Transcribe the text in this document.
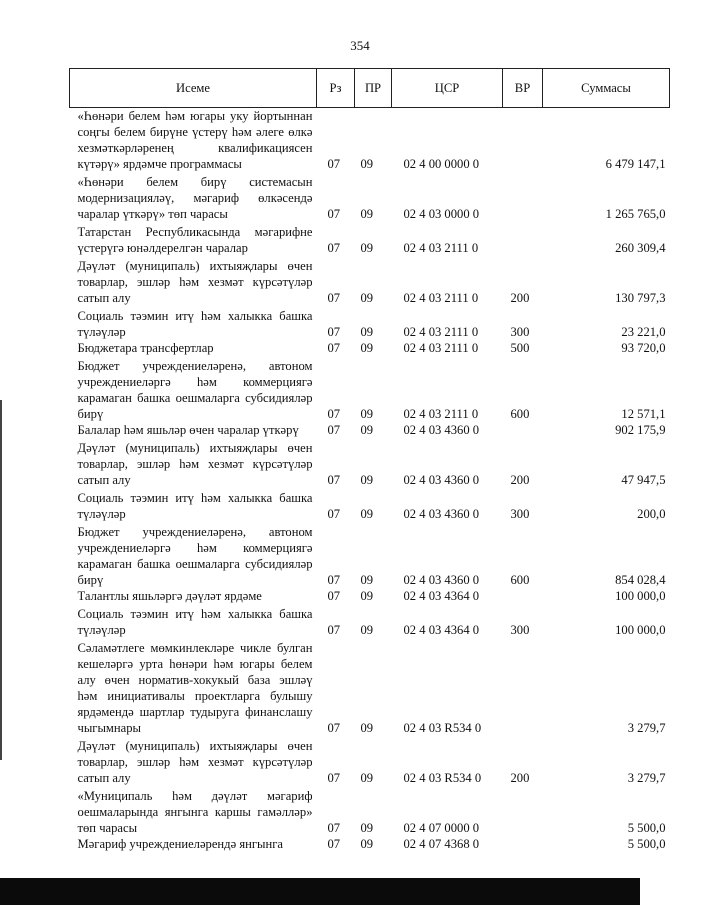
354
Исеме	Рз	ПР	ЦСР	ВР	Суммасы
«Һөнәри белем һәм югары уку йортыннан соңгы белем бирүне үстерү һәм әлеге өлкә хезмәткәрләренең квалификациясен күтәрү» ярдәмче программасы	07	09	02 4 00 0000 0		6 479 147,1
«Һөнәри белем бирү системасын модернизацияләү, мәгариф өлкәсендә чаралар үткәрү» төп чарасы	07	09	02 4 03 0000 0		1 265 765,0
Татарстан Республикасында мәгарифне үстерүгә юнәлдерелгән чаралар	07	09	02 4 03 2111 0		260 309,4
Дәүләт (муниципаль) ихтыяҗлары өчен товарлар, эшләр һәм хезмәт күрсәтүләр сатып алу	07	09	02 4 03 2111 0	200	130 797,3
Социаль тәэмин итү һәм халыкка башка түләүләр	07	09	02 4 03 2111 0	300	23 221,0
Бюджетара трансфертлар	07	09	02 4 03 2111 0	500	93 720,0
Бюджет учреждениеләренә, автоном учреждениеләргә һәм коммерциягә карамаган башка оешмаларга субсидияләр бирү	07	09	02 4 03 2111 0	600	12 571,1
Балалар һәм яшьләр өчен чаралар үткәрү	07	09	02 4 03 4360 0		902 175,9
Дәүләт (муниципаль) ихтыяҗлары өчен товарлар, эшләр һәм хезмәт күрсәтүләр сатып алу	07	09	02 4 03 4360 0	200	47 947,5
Социаль тәэмин итү һәм халыкка башка түләүләр	07	09	02 4 03 4360 0	300	200,0
Бюджет учреждениеләренә, автоном учреждениеләргә һәм коммерциягә карамаган башка оешмаларга субсидияләр бирү	07	09	02 4 03 4360 0	600	854 028,4
Талантлы яшьләргә дәүләт ярдәме	07	09	02 4 03 4364 0		100 000,0
Социаль тәэмин итү һәм халыкка башка түләүләр	07	09	02 4 03 4364 0	300	100 000,0
Сәламәтлеге мөмкинлекләре чикле булган кешеләргә урта һөнәри һәм югары белем алу өчен норматив-хокукый база эшләү һәм инициативалы проектларга булышу ярдәмендә шартлар тудыруга финанслашу чыгымнары	07	09	02 4 03 R534 0		3 279,7
Дәүләт (муниципаль) ихтыяҗлары өчен товарлар, эшләр һәм хезмәт күрсәтүләр сатып алу	07	09	02 4 03 R534 0	200	3 279,7
«Муниципаль һәм дәүләт мәгариф оешмаларында янгынга каршы гамәлләр» төп чарасы	07	09	02 4 07 0000 0		5 500,0
Мәгариф учреждениеләрендә янгынга	07	09	02 4 07 4368 0		5 500,0
